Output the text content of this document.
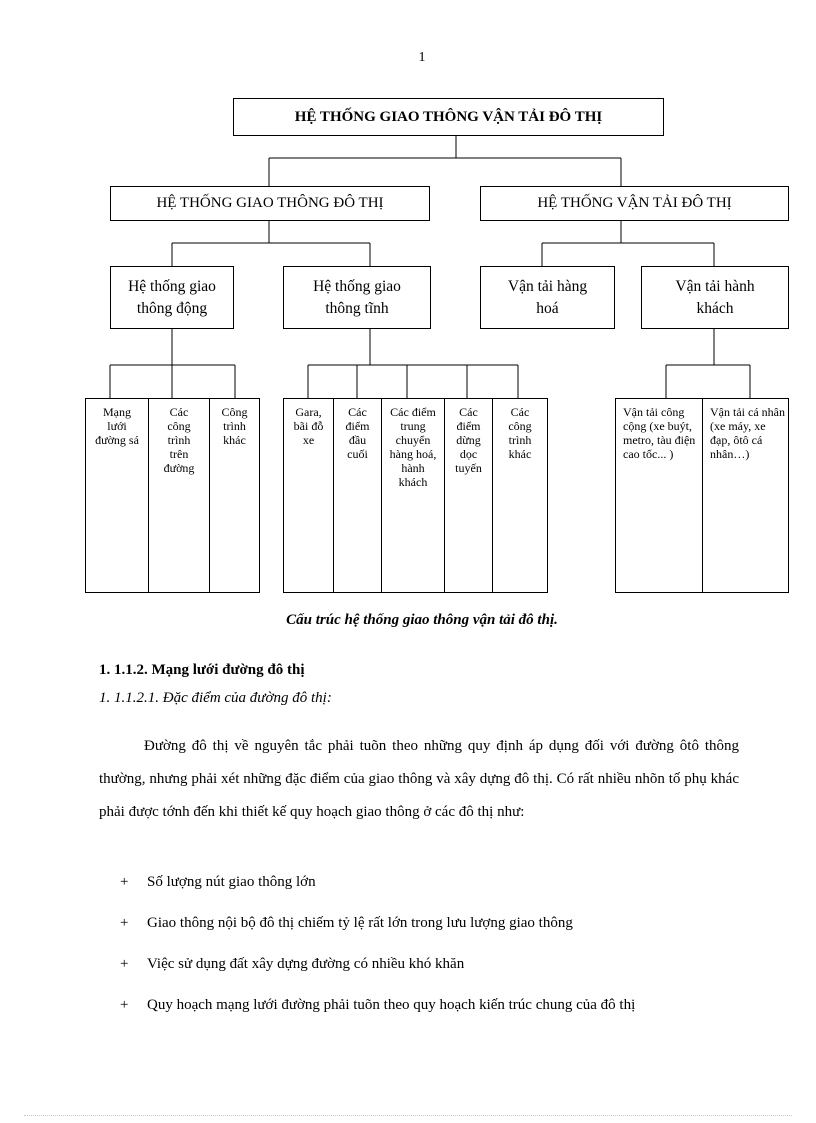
1
HỆ THỐNG GIAO THÔNG VẬN TẢI ĐÔ THỊ
HỆ THỐNG GIAO THÔNG ĐÔ THỊ	HỆ THỐNG VẬN TẢI ĐÔ THỊ
Hệ thống giao thông động
Hệ thống giao thông tĩnh
Vận tải hàng hoá
Vận tải hành khách
Mạng lưới đường sá
Các công trình trên đường
Công trình khác
Gara, bãi đỗ xe
Các điểm đầu cuối
Các điểm trung chuyển hàng hoá, hành khách
Các điểm dừng dọc tuyến
Các công trình khác
Vận tải công cộng (xe buýt, metro, tàu điện cao tốc... )
Vận tải cá nhân (xe máy, xe đạp, ôtô cá nhân…)
Cấu trúc hệ thống giao thông vận tải đô thị.
1. 1.1.2. Mạng lưới đường đô thị
1. 1.1.2.1. Đặc điểm của đường đô thị:
Đường đô thị về nguyên tắc phải tuõn theo những quy định áp dụng đối với đường ôtô thông thường, nhưng phải xét những đặc điểm của giao thông và xây dựng đô thị. Có rất nhiều nhõn tố phụ khác phải được tớnh đến khi thiết kế quy hoạch giao thông ở các đô thị như:
+	Số lượng nút giao thông lớn
+	Giao thông nội bộ đô thị chiếm tỷ lệ rất lớn trong lưu lượng giao thông
+	Việc sử dụng đất xây dựng đường có nhiều khó khăn
+	Quy hoạch mạng lưới đường phải tuõn theo quy hoạch kiến trúc chung của đô thị
